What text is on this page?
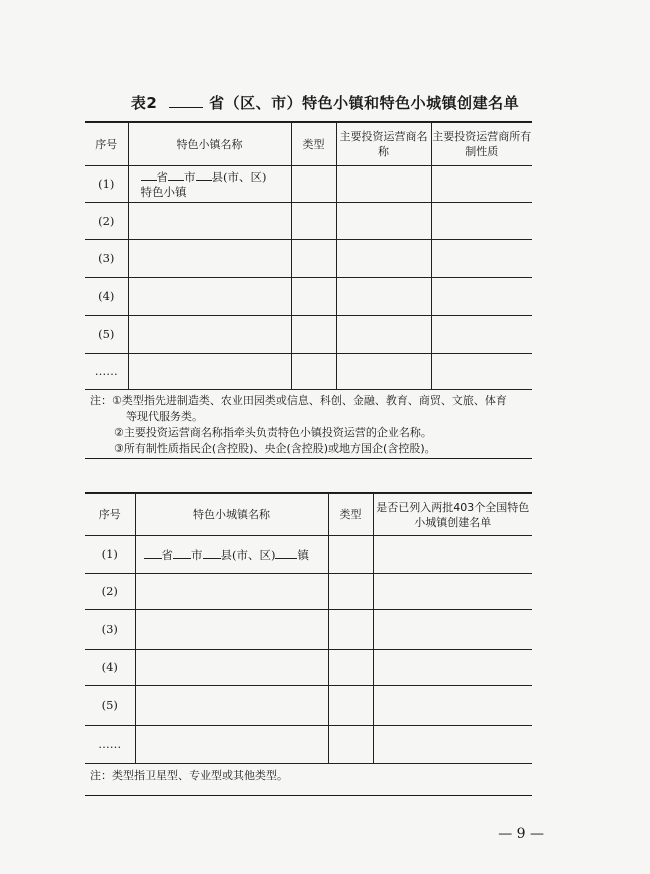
表2	省（区、市）特色小镇和特色小城镇创建名单
序号	特色小镇名称	类型	主要投资运营商名称	主要投资运营商所有制性质
(1)	省 市 县(市、区)
特色小镇			
(2)				
(3)				
(4)				
(5)				
……				
注：①类型指先进制造类、农业田园类或信息、科创、金融、教育、商贸、文旅、体育
等现代服务类。
②主要投资运营商名称指牵头负责特色小镇投资运营的企业名称。
③所有制性质指民企(含控股)、央企(含控股)或地方国企(含控股)。
序号	特色小城镇名称	类型	是否已列入两批403个全国特色小城镇创建名单
(1)	省 市 县(市、区) 镇		
(2)			
(3)			
(4)			
(5)			
……			
注：类型指卫星型、专业型或其他类型。
— 9 —
